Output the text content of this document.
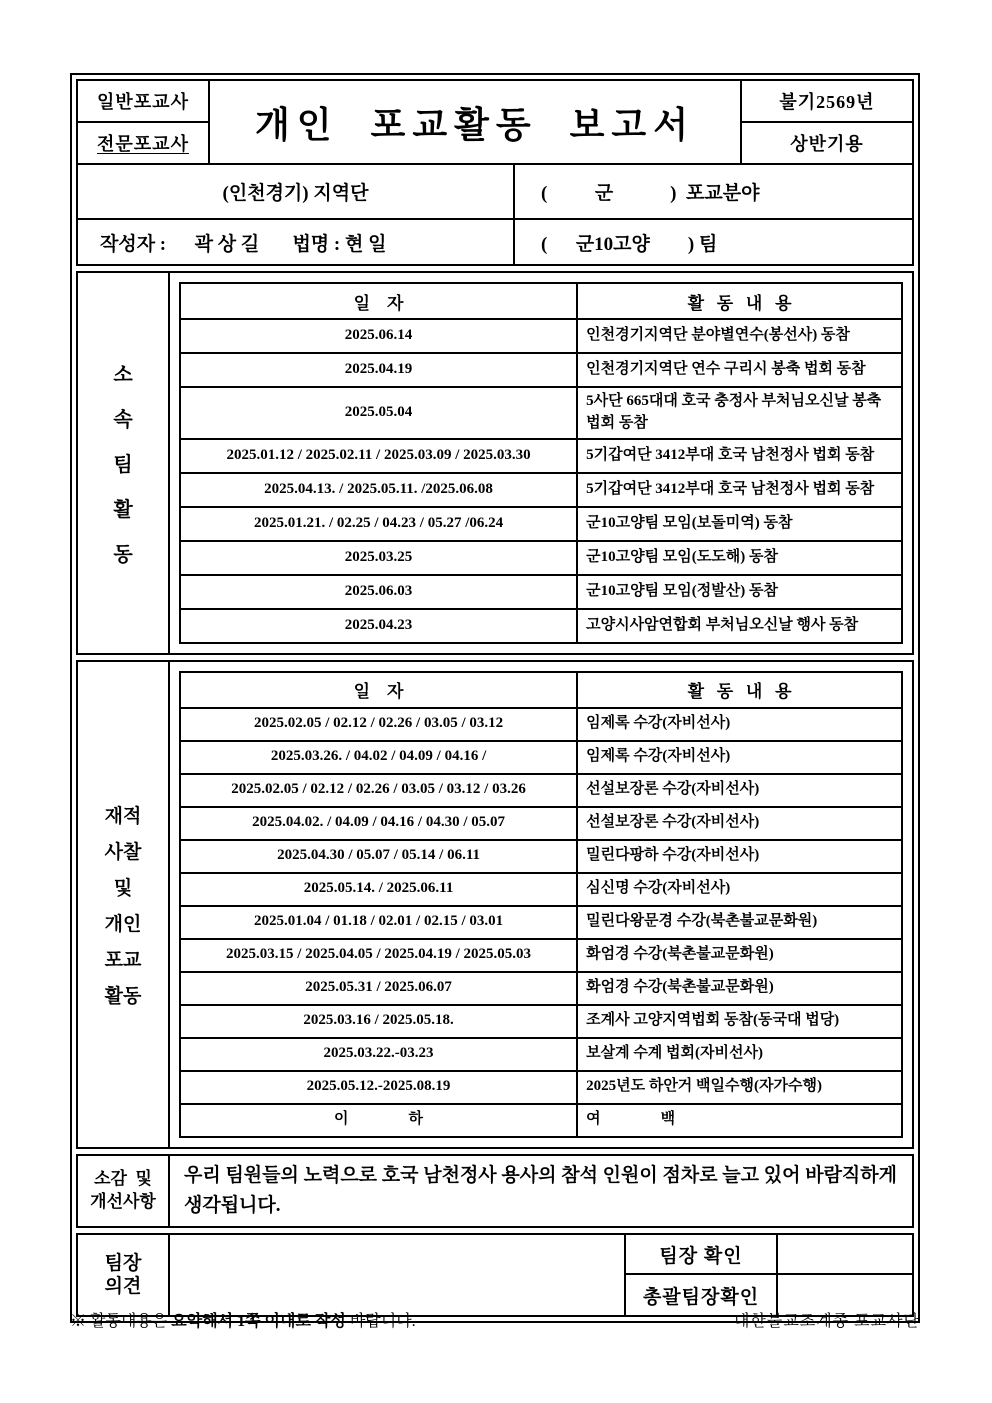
일반포교사
전문포교사	개인  포교활동  보고서
불기2569년
상반기용
(인천경기) 지역단	(          군            )  포교분야
작성자 :      곽 상 길       법명 : 현 일	(      군10고양        ) 팀
소
속
팀
활
동
일    자	활   동   내   용
2025.06.14	인천경기지역단 분야별연수(봉선사) 동참
2025.04.19	인천경기지역단 연수 구리시 봉축 법회 동참
2025.05.04	5사단 665대대 호국 충정사 부처님오신날 봉축 법회 동참
2025.01.12 / 2025.02.11 / 2025.03.09 / 2025.03.30	5기갑여단 3412부대 호국 남천정사 법회 동참
2025.04.13. / 2025.05.11. /2025.06.08	5기갑여단 3412부대 호국 남천정사 법회 동참
2025.01.21. / 02.25 / 04.23 / 05.27 /06.24	군10고양팀 모임(보돌미역) 동참
2025.03.25	군10고양팀 모임(도도해) 동참
2025.06.03	군10고양팀 모임(정발산) 동참
2025.04.23	고양시사암연합회 부처님오신날 행사 동참
재적
사찰
및
개인
포교
활동
일    자	활   동   내   용
2025.02.05 / 02.12 / 02.26 / 03.05 / 03.12	임제록 수강(자비선사)
2025.03.26. / 04.02 / 04.09 / 04.16 /	임제록 수강(자비선사)
2025.02.05 / 02.12 / 02.26 / 03.05 / 03.12 / 03.26	선설보장론 수강(자비선사)
2025.04.02. / 04.09 / 04.16 / 04.30 / 05.07	선설보장론 수강(자비선사)
2025.04.30 / 05.07 / 05.14 / 06.11	밀린다팡하 수강(자비선사)
2025.05.14. / 2025.06.11	심신명 수강(자비선사)
2025.01.04 / 01.18 / 02.01 / 02.15 / 03.01	밀린다왕문경 수강(북촌불교문화원)
2025.03.15 / 2025.04.05 / 2025.04.19 / 2025.05.03	화엄경 수강(북촌불교문화원)
2025.05.31 / 2025.06.07	화엄경 수강(북촌불교문화원)
2025.03.16 / 2025.05.18.	조계사 고양지역법회 동참(동국대 법당)
2025.03.22.-03.23	보살계 수계 법회(자비선사)
2025.05.12.-2025.08.19	2025년도 하안거 백일수행(자가수행)
이                하	여                백
소감  및
개선사항
우리 팀원들의 노력으로 호국 남천정사 용사의 참석 인원이 점차로 늘고 있어 바람직하게 생각됩니다.
팀장
의견
팀장 확인
총괄팀장확인
※ 활동내용은 요약해서 1쪽 이내로 작성 바랍니다.	대한불교조계종 포교사단
